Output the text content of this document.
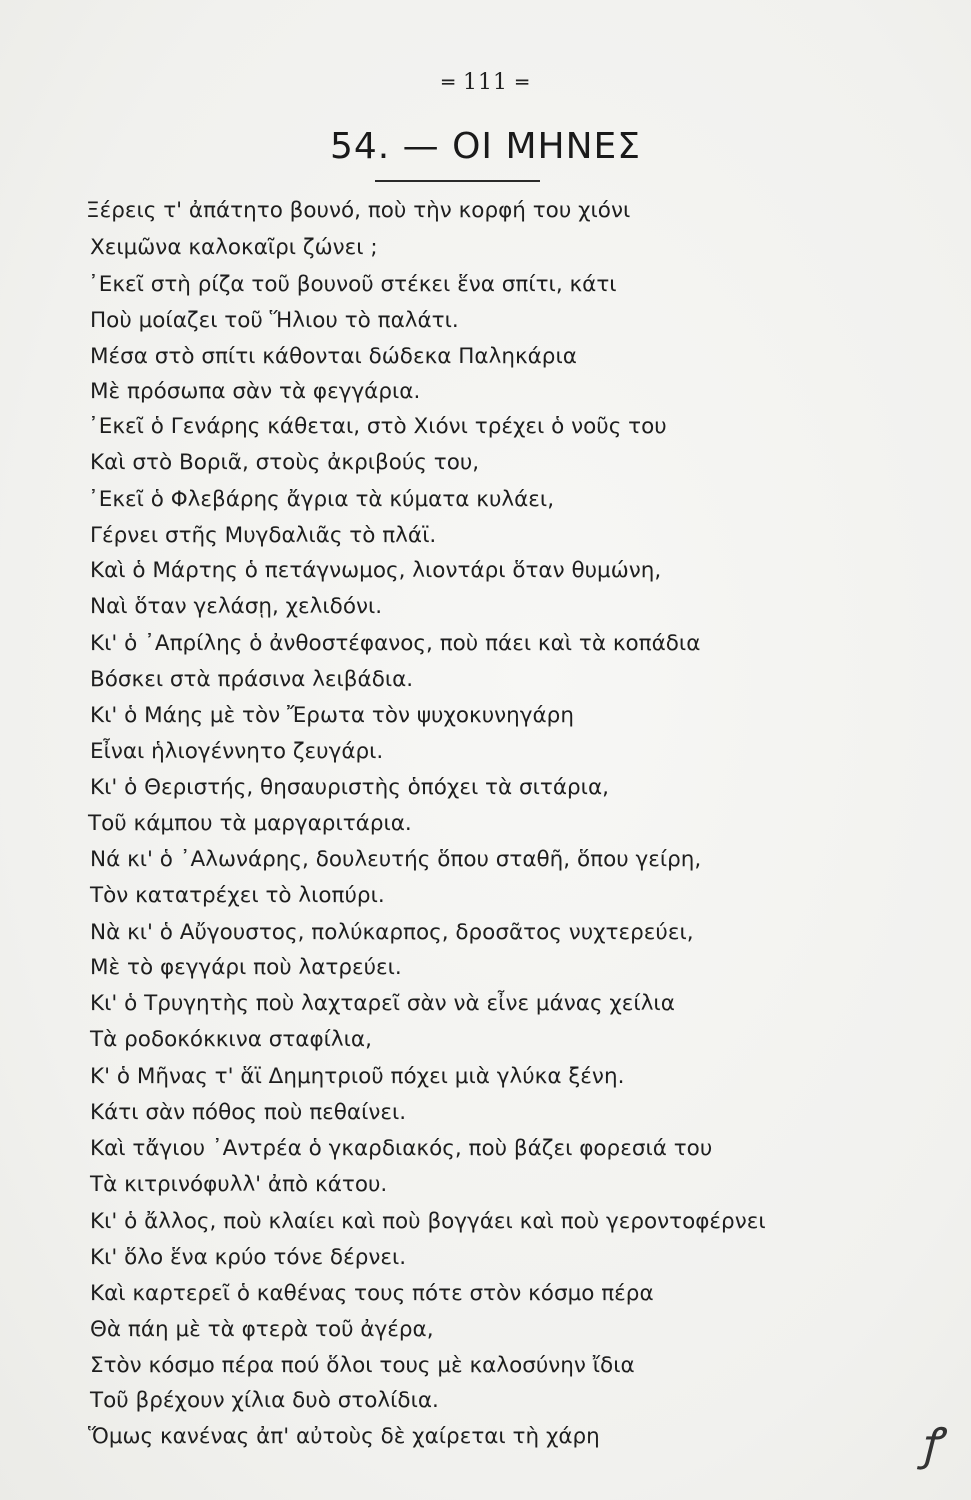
═ 111 ═
54. — ΟΙ ΜΗΝΕΣ
Ξέρεις τ' ἀπάτητο βουνό, ποὺ τὴν κορφή του χιόνι
Χειμῶνα καλοκαῖρι ζώνει ;
᾿Εκεῖ στὴ ρίζα τοῦ βουνοῦ στέκει ἕνα σπίτι, κάτι
Ποὺ μοίαζει τοῦ Ἥλιου τὸ παλάτι.
Μέσα στὸ σπίτι κάθονται δώδεκα Παληκάρια
Μὲ πρόσωπα σὰν τὰ φεγγάρια.
᾿Εκεῖ ὁ Γενάρης κάθεται, στὸ Χιόνι τρέχει ὁ νοῦς του
Καὶ στὸ Βοριᾶ, στοὺς ἀκριβούς του,
᾿Εκεῖ ὁ Φλεβάρης ἄγρια τὰ κύματα κυλάει,
Γέρνει στῆς Μυγδαλιᾶς τὸ πλάϊ.
Καὶ ὁ Μάρτης ὁ πετάγνωμος, λιοντάρι ὅταν θυμώνη,
Ναὶ ὅταν γελάσῃ, χελιδόνι.
Κι' ὁ ᾿Απρίλης ὁ ἀνθοστέφανος, ποὺ πάει καὶ τὰ κοπάδια
Βόσκει στὰ πράσινα λειβάδια.
Κι' ὁ Μάης μὲ τὸν Ἔρωτα τὸν ψυχοκυνηγάρη
Εἶναι ἡλιογέννητο ζευγάρι.
Κι' ὁ Θεριστής, θησαυριστὴς ὁπόχει τὰ σιτάρια,
Τοῦ κάμπου τὰ μαργαριτάρια.
Νά κι' ὁ ᾿Αλωνάρης, δουλευτής ὅπου σταθῆ, ὅπου γείρη,
Τὸν κατατρέχει τὸ λιοπύρι.
Νὰ κι' ὁ Αὔγουστος, πολύκαρπος, δροσᾶτος νυχτερεύει,
Μὲ τὸ φεγγάρι ποὺ λατρεύει.
Κι' ὁ Τρυγητὴς ποὺ λαχταρεῖ σὰν νὰ εἶνε μάνας χείλια
Τὰ ροδοκόκκινα σταφίλια,
Κ' ὁ Μῆνας τ' ἅϊ Δημητριοῦ πόχει μιὰ γλύκα ξένη.
Κάτι σὰν πόθος ποὺ πεθαίνει.
Καὶ τἄγιου ᾿Αντρέα ὁ γκαρδιακός, ποὺ βάζει φορεσιά του
Τὰ κιτρινόφυλλ' ἀπὸ κάτου.
Κι' ὁ ἄλλος, ποὺ κλαίει καὶ ποὺ βογγάει καὶ ποὺ γεροντοφέρνει
Κι' ὅλο ἕνα κρύο τόνε δέρνει.
Καὶ καρτερεῖ ὁ καθένας τους πότε στὸν κόσμο πέρα
Θὰ πάη μὲ τὰ φτερὰ τοῦ ἀγέρα,
Στὸν κόσμο πέρα πού ὅλοι τους μὲ καλοσύνην ἴδια
Τοῦ βρέχουν χίλια δυὸ στολίδια.
Ὅμως κανένας ἀπ' αὐτοὺς δὲ χαίρεται τὴ χάρη	ꝭ
